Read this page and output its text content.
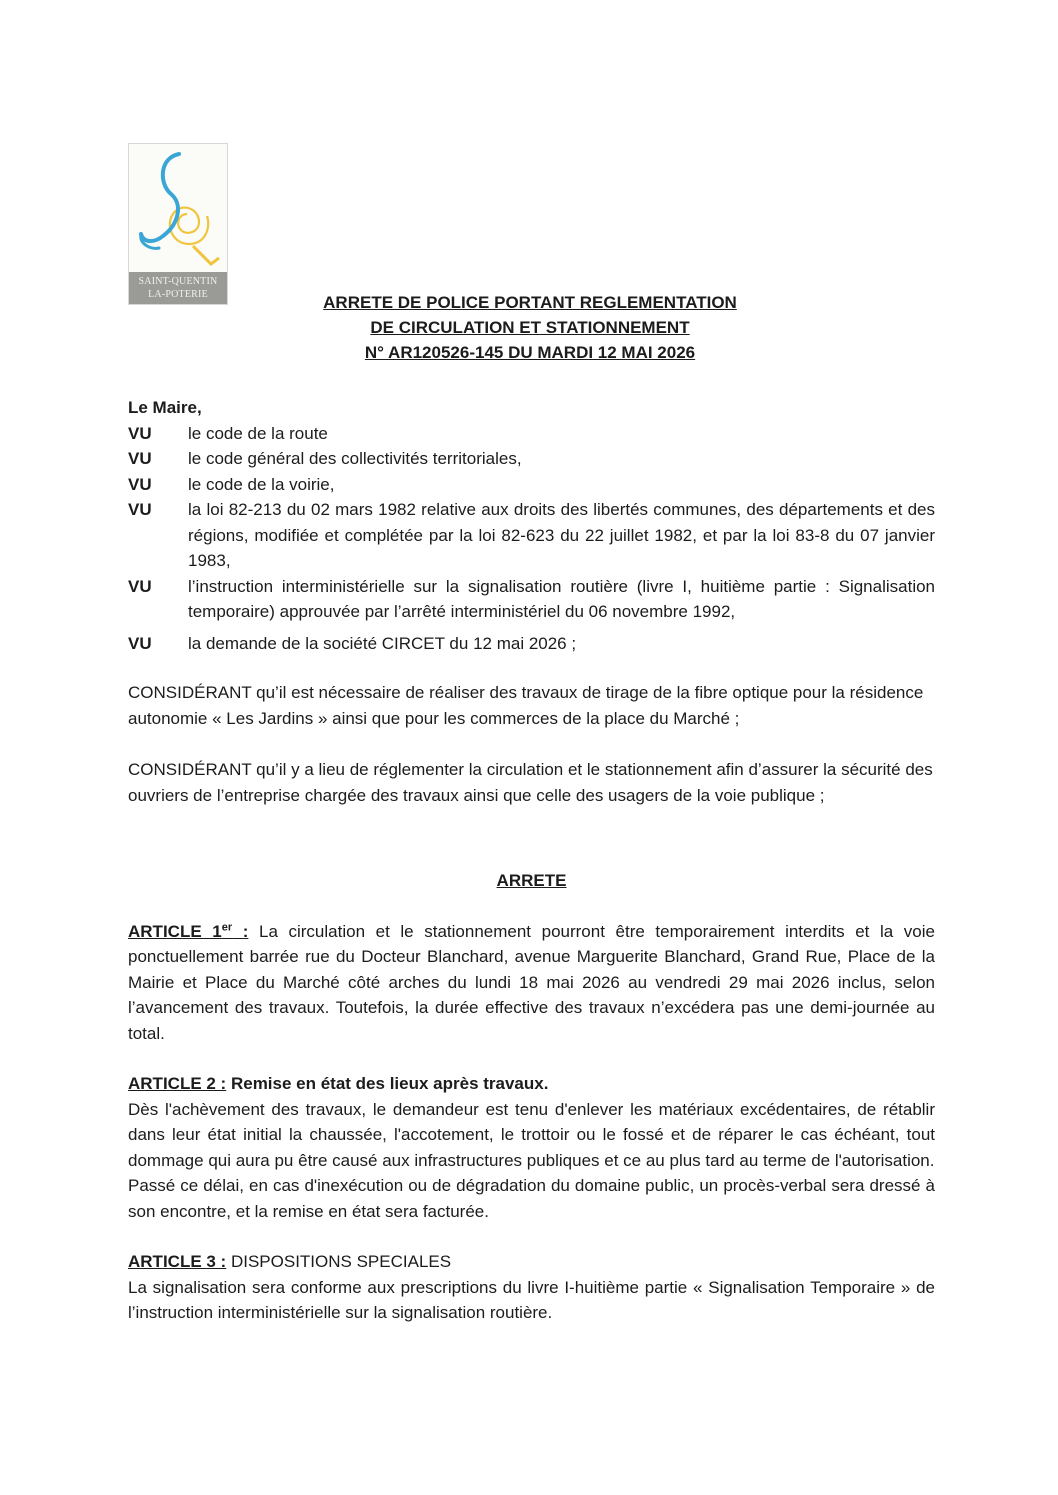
SAINT-QUENTIN
LA-POTERIE	ARRETE DE POLICE PORTANT REGLEMENTATION
DE CIRCULATION ET STATIONNEMENT
N° AR120526-145 DU MARDI 12 MAI 2026

Le Maire,

VU	le code de la route
VU	le code général des collectivités territoriales,
VU	le code de la voirie,
VU	la loi 82-213 du 02 mars 1982 relative aux droits des libertés communes, des départements et des régions, modifiée et complétée par la loi 82-623 du 22 juillet 1982, et par la loi 83-8 du 07 janvier 1983,
VU	l’instruction interministérielle sur la signalisation routière (livre I, huitième partie : Signalisation temporaire) approuvée par l’arrêté interministériel du 06 novembre 1992,
VU	la demande de la société CIRCET du 12 mai 2026 ;

CONSIDÉRANT qu’il est nécessaire de réaliser des travaux de tirage de la fibre optique pour la résidence autonomie « Les Jardins » ainsi que pour les commerces de la place du Marché ;

CONSIDÉRANT qu’il y a lieu de réglementer la circulation et le stationnement afin d’assurer la sécurité des ouvriers de l’entreprise chargée des travaux ainsi que celle des usagers de la voie publique ;

ARRETE

ARTICLE 1er : La circulation et le stationnement pourront être temporairement interdits et la voie ponctuellement barrée rue du Docteur Blanchard, avenue Marguerite Blanchard, Grand Rue, Place de la Mairie et Place du Marché côté arches du lundi 18 mai 2026 au vendredi 29 mai 2026 inclus, selon l’avancement des travaux. Toutefois, la durée effective des travaux n’excédera pas une demi-journée au total.

ARTICLE 2 : Remise en état des lieux après travaux.

Dès l'achèvement des travaux, le demandeur est tenu d'enlever les matériaux excédentaires, de rétablir dans leur état initial la chaussée, l'accotement, le trottoir ou le fossé et de réparer le cas échéant, tout dommage qui aura pu être causé aux infrastructures publiques et ce au plus tard au terme de l'autorisation.

Passé ce délai, en cas d'inexécution ou de dégradation du domaine public, un procès-verbal sera dressé à son encontre, et la remise en état sera facturée.

ARTICLE 3 : DISPOSITIONS SPECIALES

La signalisation sera conforme aux prescriptions du livre I-huitième partie « Signalisation Temporaire » de l’instruction interministérielle sur la signalisation routière.
